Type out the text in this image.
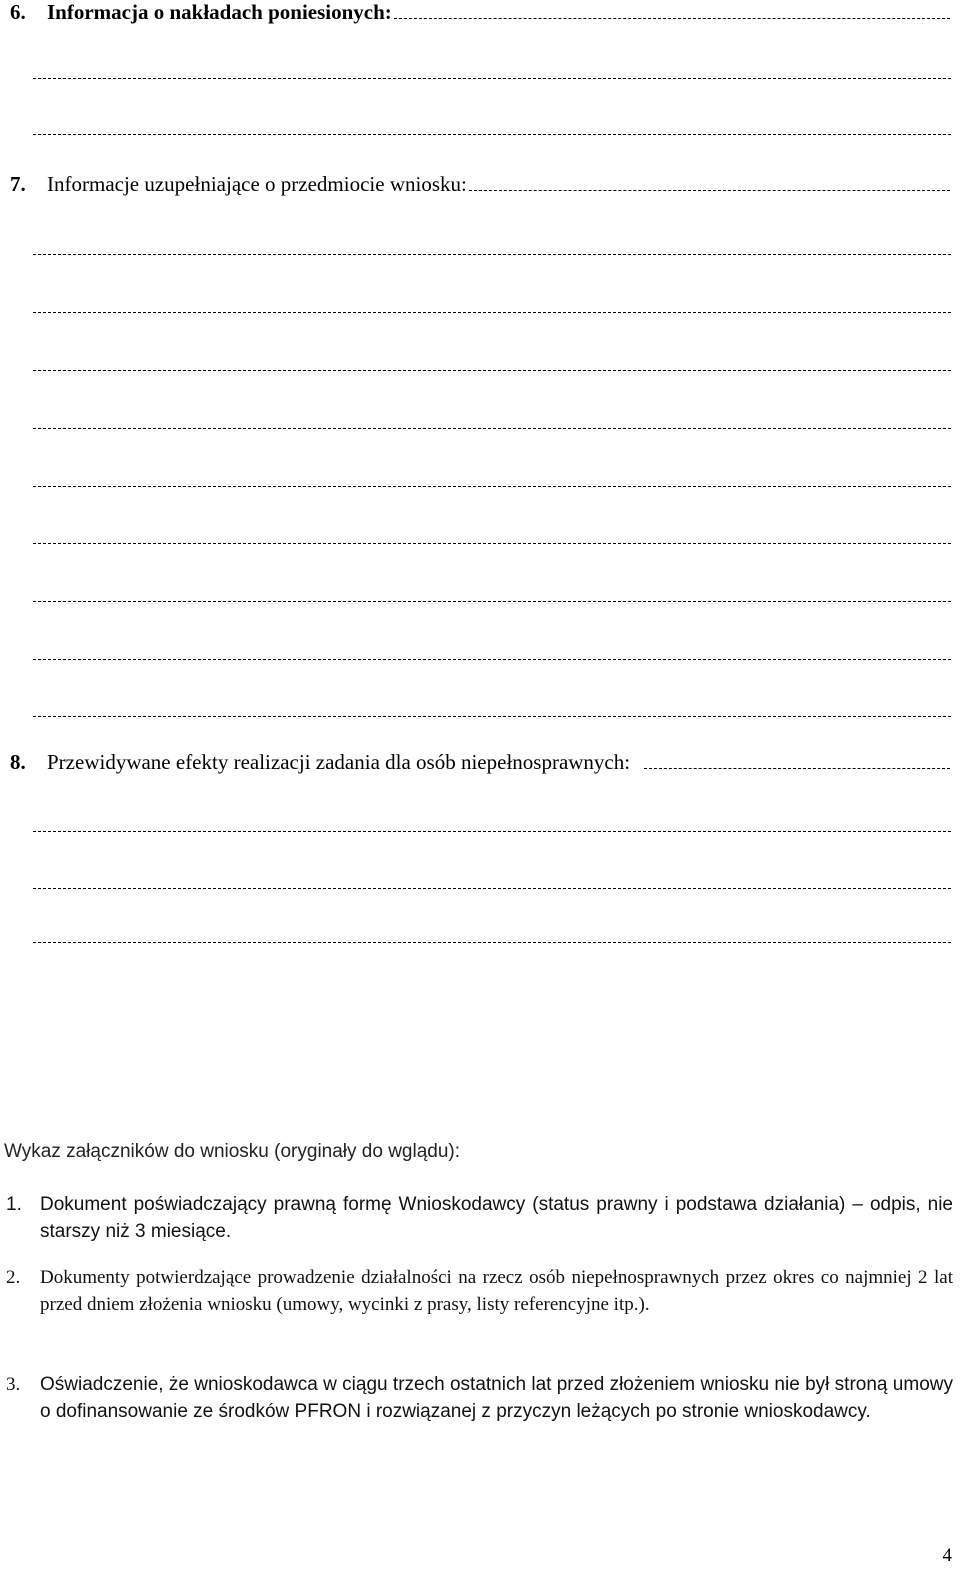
6.	Informacja o nakładach poniesionych:
7.	Informacje uzupełniające o przedmiocie wniosku:
8.	Przewidywane efekty realizacji zadania dla osób niepełnosprawnych:
Wykaz załączników do wniosku (oryginały do wglądu):
1. Dokument poświadczający prawną formę Wnioskodawcy (status prawny i podstawa działania) – odpis, nie starszy niż 3 miesiące.
2.	Dokumenty potwierdzające prowadzenie działalności na rzecz osób niepełnosprawnych przez okres co najmniej 2 lat przed dniem złożenia wniosku (umowy, wycinki z prasy, listy referencyjne itp.).
3.	Oświadczenie, że wnioskodawca w ciągu trzech ostatnich lat przed złożeniem wniosku nie był stroną umowy o dofinansowanie ze środków PFRON i rozwiązanej z przyczyn leżących po stronie wnioskodawcy.
4
